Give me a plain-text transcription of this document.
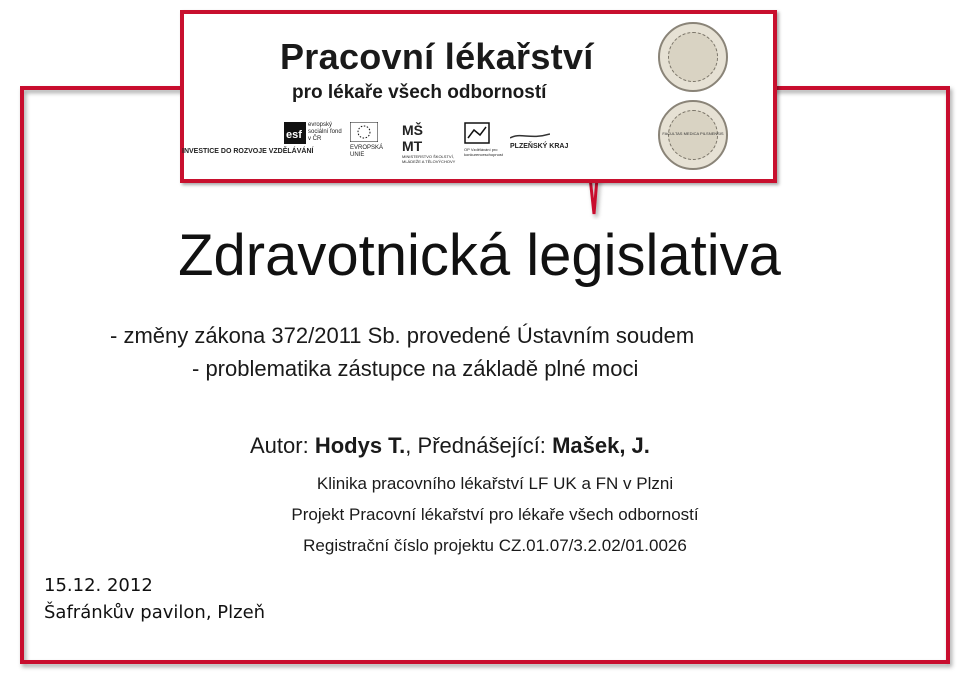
Pracovní lékařství
pro lékaře všech odborností
esf
evropský sociální fond v ČR
EVROPSKÁ UNIE
MŠ
MT
MINISTERSTVO ŠKOLSTVÍ, MLÁDEŽE A TĚLOVÝCHOVY
OP Vzdělávání pro konkurenceschopnost
PLZEŇSKÝ KRAJ
FACULTAS MEDICA PILSNENSIS
INVESTICE DO ROZVOJE VZDĚLÁVÁNÍ
Zdravotnická legislativa
- změny zákona 372/2011 Sb. provedené Ústavním soudem
- problematika zástupce na základě plné moci
Autor: Hodys T., Přednášející: Mašek, J.
Klinika pracovního lékařství LF UK a FN v Plzni
Projekt Pracovní lékařství pro lékaře všech odborností
Registrační číslo projektu CZ.01.07/3.2.02/01.0026
15.12. 2012
Šafránkův pavilon, Plzeň
